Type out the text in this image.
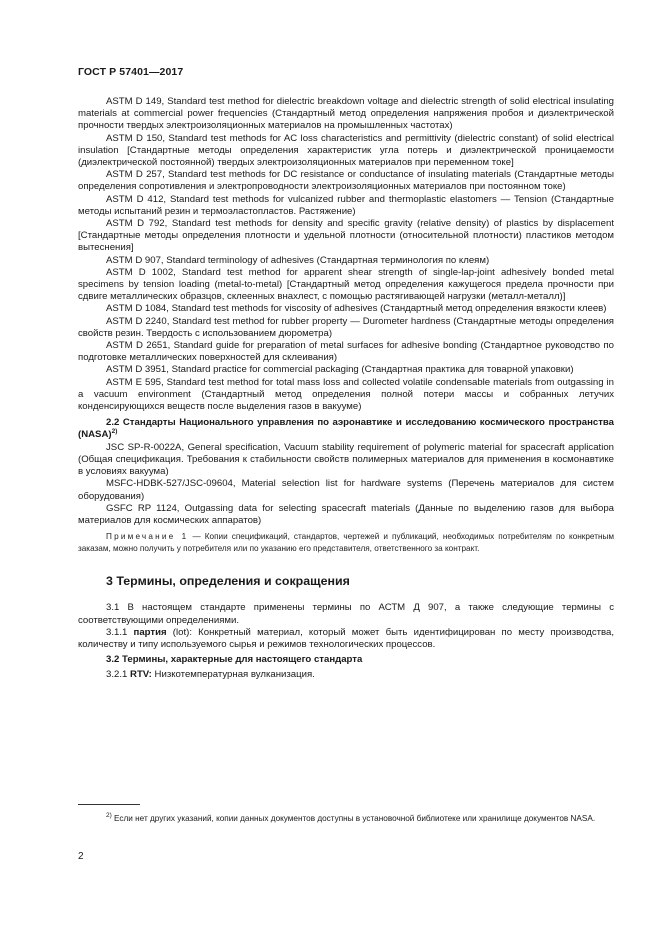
ГОСТ Р 57401—2017

ASTM D 149, Standard test method for dielectric breakdown voltage and dielectric strength of solid electrical insulating materials at commercial power frequencies (Стандартный метод определения напряжения пробоя и диэлектрической прочности твердых электроизоляционных материалов на промышленных частотах)

ASTM D 150, Standard test methods for AC loss characteristics and permittivity (dielectric constant) of solid electrical insulation [Стандартные методы определения характеристик угла потерь и диэлектрической проницаемости (диэлектрической постоянной) твердых электроизоляционных материалов при переменном токе]

ASTM D 257, Standard test methods for DC resistance or conductance of insulating materials (Стандартные методы определения сопротивления и электропроводности электроизоляционных материалов при постоянном токе)

ASTM D 412, Standard test methods for vulcanized rubber and thermoplastic elastomers — Tension (Стандартные методы испытаний резин и термоэластопластов. Растяжение)

ASTM D 792, Standard test methods for density and specific gravity (relative density) of plastics by displacement [Стандартные методы определения плотности и удельной плотности (относительной плотности) пластиков методом вытеснения]

ASTM D 907, Standard terminology of adhesives (Стандартная терминология по клеям)

ASTM D 1002, Standard test method for apparent shear strength of single-lap-joint adhesively bonded metal specimens by tension loading (metal-to-metal) [Стандартный метод определения кажущегося предела прочности при сдвиге металлических образцов, склеенных внахлест, с помощью растягивающей нагрузки (металл-металл)]

ASTM D 1084, Standard test methods for viscosity of adhesives (Стандартный метод определения вязкости клеев)

ASTM D 2240, Standard test method for rubber property — Durometer hardness (Стандартные методы определения свойств резин. Твердость с использованием дюрометра)

ASTM D 2651, Standard guide for preparation of metal surfaces for adhesive bonding (Стандартное руководство по подготовке металлических поверхностей для склеивания)

ASTM D 3951, Standard practice for commercial packaging (Стандартная практика для товарной упаковки)

ASTM E 595, Standard test method for total mass loss and collected volatile condensable materials from outgassing in a vacuum environment (Стандартный метод определения полной потери массы и собранных летучих конденсирующихся веществ после выделения газов в вакууме)

2.2 Стандарты Национального управления по аэронавтике и исследованию космического пространства (NASA)$^{2)}$

JSC SP-R-0022A, General specification, Vacuum stability requirement of polymeric material for spacecraft application (Общая спецификация. Требования к стабильности свойств полимерных материалов для применения в космонавтике в условиях вакуума)

MSFC-HDBK-527/JSC-09604, Material selection list for hardware systems (Перечень материалов для систем оборудования)

GSFC RP 1124, Outgassing data for selecting spacecraft materials (Данные по выделению газов для выбора материалов для космических аппаратов)

Примечание 1 — Копии спецификаций, стандартов, чертежей и публикаций, необходимых потребителям по конкретным заказам, можно получить у потребителя или по указанию его представителя, ответственного за контракт.

3 Термины, определения и сокращения

3.1 В настоящем стандарте применены термины по АСТМ Д 907, а также следующие термины с соответствующими определениями.

3.1.1 партия (lot): Конкретный материал, который может быть идентифицирован по месту производства, количеству и типу используемого сырья и режимов технологических процессов.

3.2 Термины, характерные для настоящего стандарта

3.2.1 RTV: Низкотемпературная вулканизация.

$^{2)}$ Если нет других указаний, копии данных документов доступны в установочной библиотеке или хранилище документов NASA.
2
